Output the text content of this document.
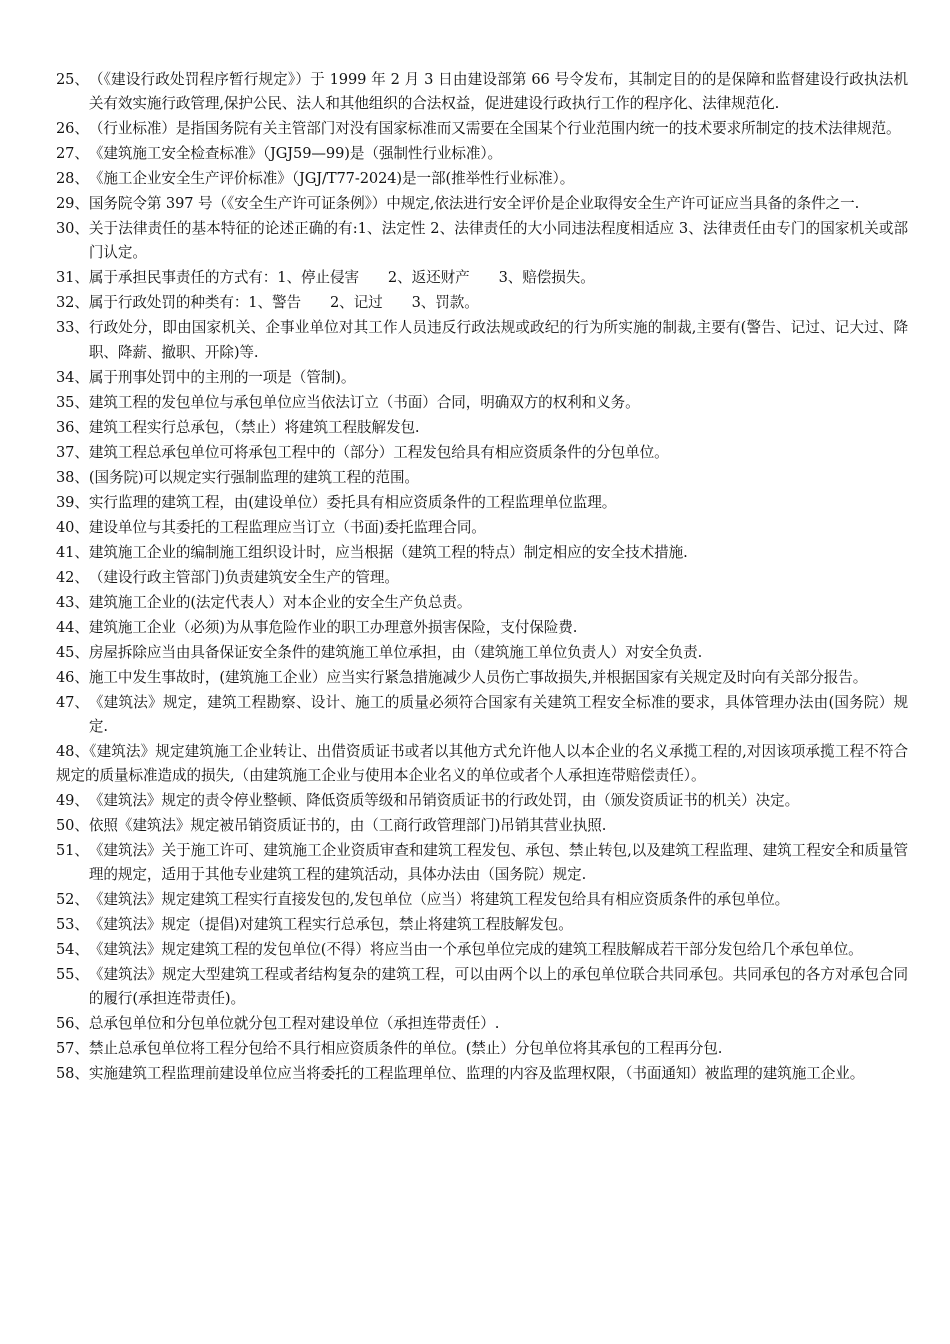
25、 （《建设行政处罚程序暂行规定》）于 1999 年 2 月 3 日由建设部第 66 号令发布，其制定目的的是保障和监督建设行政执法机关有效实施行政管理,保护公民、法人和其他组织的合法权益，促进建设行政执行工作的程序化、法律规范化.
26、 （行业标准）是指国务院有关主管部门对没有国家标准而又需要在全国某个行业范围内统一的技术要求所制定的技术法律规范。
27、 《建筑施工安全检查标准》（JGJ59—99)是（强制性行业标准）。
28、 《施工企业安全生产评价标准》（JGJ/T77-2024)是一部(推举性行业标准）。
29、 国务院令第 397 号（《安全生产许可证条例》）中规定,依法进行安全评价是企业取得安全生产许可证应当具备的条件之一.
30、 关于法律责任的基本特征的论述正确的有:1、法定性 2、法律责任的大小同违法程度相适应 3、法律责任由专门的国家机关或部门认定。
31、 属于承担民事责任的方式有：1、停止侵害　　2、返还财产　　3、赔偿损失。
32、 属于行政处罚的种类有：1、警告　　2、记过　　3、罚款。
33、 行政处分，即由国家机关、企事业单位对其工作人员违反行政法规或政纪的行为所实施的制裁,主要有(警告、记过、记大过、降职、降薪、撤职、开除)等.
34、 属于刑事处罚中的主刑的一项是（管制)。
35、 建筑工程的发包单位与承包单位应当依法订立（书面）合同，明确双方的权利和义务。
36、 建筑工程实行总承包，（禁止）将建筑工程肢解发包.
37、 建筑工程总承包单位可将承包工程中的（部分）工程发包给具有相应资质条件的分包单位。
38、 (国务院)可以规定实行强制监理的建筑工程的范围。
39、 实行监理的建筑工程，由(建设单位）委托具有相应资质条件的工程监理单位监理。
40、 建设单位与其委托的工程监理应当订立（书面)委托监理合同。
41、 建筑施工企业的编制施工组织设计时，应当根据（建筑工程的特点）制定相应的安全技术措施.
42、 （建设行政主管部门)负责建筑安全生产的管理。
43、 建筑施工企业的(法定代表人）对本企业的安全生产负总责。
44、 建筑施工企业（必须)为从事危险作业的职工办理意外损害保险，支付保险费.
45、 房屋拆除应当由具备保证安全条件的建筑施工单位承担，由（建筑施工单位负责人）对安全负责.
46、 施工中发生事故时，(建筑施工企业）应当实行紧急措施减少人员伤亡事故损失,并根据国家有关规定及时向有关部分报告。
47、 《建筑法》规定，建筑工程勘察、设计、施工的质量必须符合国家有关建筑工程安全标准的要求，具体管理办法由(国务院）规定.
48、《建筑法》规定建筑施工企业转让、出借资质证书或者以其他方式允许他人以本企业的名义承揽工程的,对因该项承揽工程不符合规定的质量标准造成的损失,（由建筑施工企业与使用本企业名义的单位或者个人承担连带赔偿责任）。
49、 《建筑法》规定的责令停业整顿、降低资质等级和吊销资质证书的行政处罚，由（颁发资质证书的机关）决定。
50、 依照《建筑法》规定被吊销资质证书的，由（工商行政管理部门)吊销其营业执照.
51、 《建筑法》关于施工许可、建筑施工企业资质审查和建筑工程发包、承包、禁止转包,以及建筑工程监理、建筑工程安全和质量管理的规定，适用于其他专业建筑工程的建筑活动，具体办法由（国务院）规定.
52、 《建筑法》规定建筑工程实行直接发包的,发包单位（应当）将建筑工程发包给具有相应资质条件的承包单位。
53、 《建筑法》规定（提倡)对建筑工程实行总承包，禁止将建筑工程肢解发包。
54、 《建筑法》规定建筑工程的发包单位(不得）将应当由一个承包单位完成的建筑工程肢解成若干部分发包给几个承包单位。
55、 《建筑法》规定大型建筑工程或者结构复杂的建筑工程，可以由两个以上的承包单位联合共同承包。共同承包的各方对承包合同的履行(承担连带责任)。
56、 总承包单位和分包单位就分包工程对建设单位（承担连带责任）.
57、 禁止总承包单位将工程分包给不具行相应资质条件的单位。(禁止）分包单位将其承包的工程再分包.
58、 实施建筑工程监理前建设单位应当将委托的工程监理单位、监理的内容及监理权限，（书面通知）被监理的建筑施工企业。
